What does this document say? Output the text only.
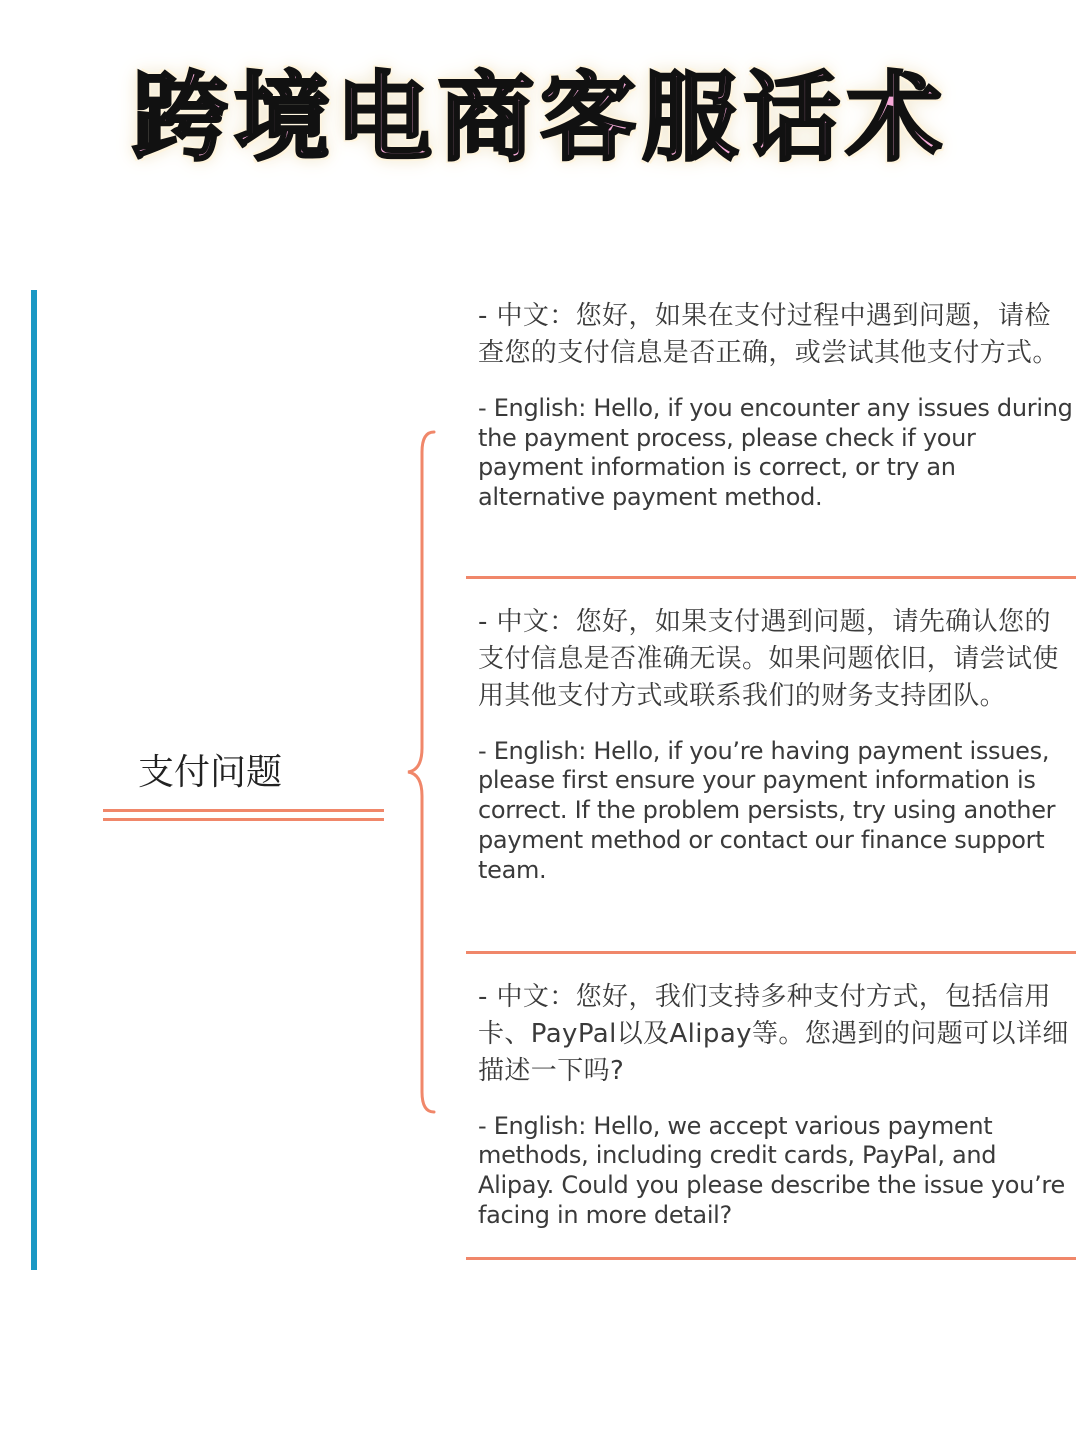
跨境电商客服话术

支付问题

- 中文：您好，如果在支付过程中遇到问题，请检查您的支付信息是否正确，或尝试其他支付方式。

- English: Hello, if you encounter any issues during the payment process, please check if your payment information is correct, or try an alternative payment method.

- 中文：您好，如果支付遇到问题，请先确认您的支付信息是否准确无误。如果问题依旧，请尝试使用其他支付方式或联系我们的财务支持团队。

- English: Hello, if you’re having payment issues, please first ensure your payment information is correct. If the problem persists, try using another payment method or contact our finance support team.

- 中文：您好，我们支持多种支付方式，包括信用卡、PayPal以及Alipay等。您遇到的问题可以详细描述一下吗?

- English: Hello, we accept various payment methods, including credit cards, PayPal, and Alipay. Could you please describe the issue you’re facing in more detail?
